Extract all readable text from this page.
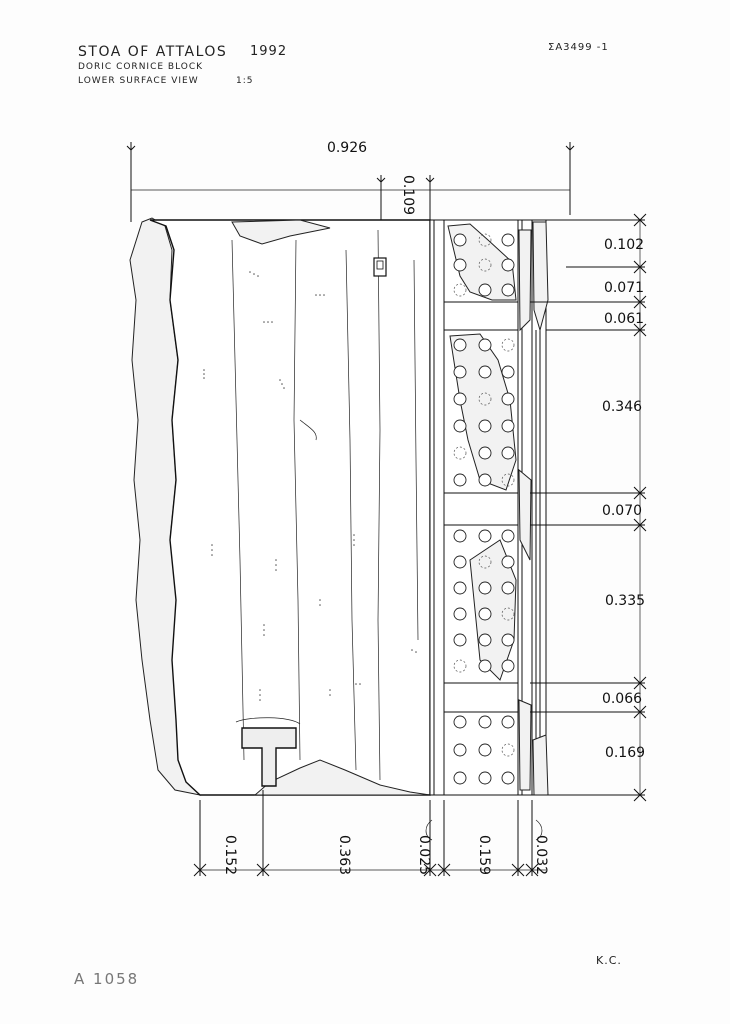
STOA OF ATTALOS 1992
DORIC CORNICE BLOCK
LOWER SURFACE VIEW	1:5
ΣA3499 -1
0.926
0.109
0.102
0.071
0.061
0.346
0.070
0.335
0.066
0.169
0.152	0.363	0.025	0.159	0.032
K.C.
A 1058
